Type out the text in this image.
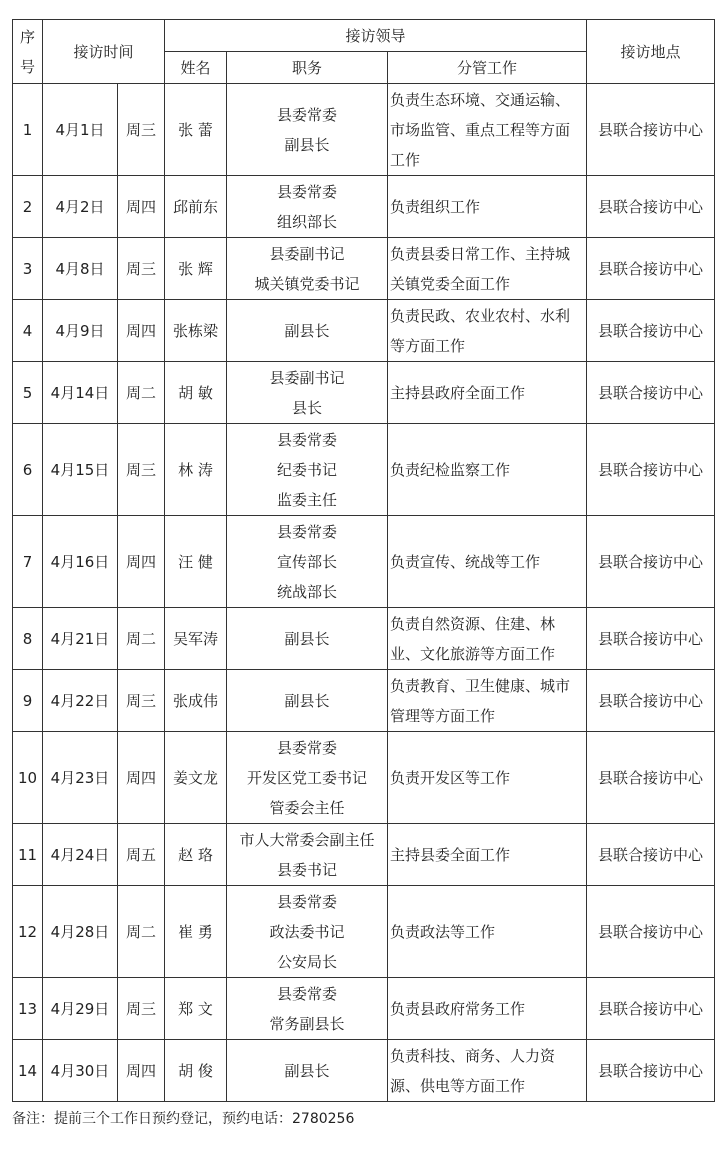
序
号	接访时间		接访领导			接访地点
			姓名	职务	分管工作	
1	4月1日	周三	张 蕾	县委常委
副县长	负责生态环境、交通运输、
市场监管、重点工程等方面
工作	县联合接访中心
2	4月2日	周四	邱前东	县委常委
组织部长	负责组织工作	县联合接访中心
3	4月8日	周三	张 辉	县委副书记
城关镇党委书记	负责县委日常工作、主持城
关镇党委全面工作	县联合接访中心
4	4月9日	周四	张栋梁	副县长	负责民政、农业农村、水利
等方面工作	县联合接访中心
5	4月14日	周二	胡 敏	县委副书记
县长	主持县政府全面工作	县联合接访中心
6	4月15日	周三	林 涛	县委常委
纪委书记
监委主任	负责纪检监察工作	县联合接访中心
7	4月16日	周四	汪 健	县委常委
宣传部长
统战部长	负责宣传、统战等工作	县联合接访中心
8	4月21日	周二	吴军涛	副县长	负责自然资源、住建、林
业、文化旅游等方面工作	县联合接访中心
9	4月22日	周三	张成伟	副县长	负责教育、卫生健康、城市
管理等方面工作	县联合接访中心
10	4月23日	周四	姜文龙	县委常委
开发区党工委书记
管委会主任	负责开发区等工作	县联合接访中心
11	4月24日	周五	赵 珞	市人大常委会副主任
县委书记	主持县委全面工作	县联合接访中心
12	4月28日	周二	崔 勇	县委常委
政法委书记
公安局长	负责政法等工作	县联合接访中心
13	4月29日	周三	郑 文	县委常委
常务副县长	负责县政府常务工作	县联合接访中心
14	4月30日	周四	胡 俊	副县长	负责科技、商务、人力资
源、供电等方面工作	县联合接访中心
备注：提前三个工作日预约登记，预约电话：2780256
